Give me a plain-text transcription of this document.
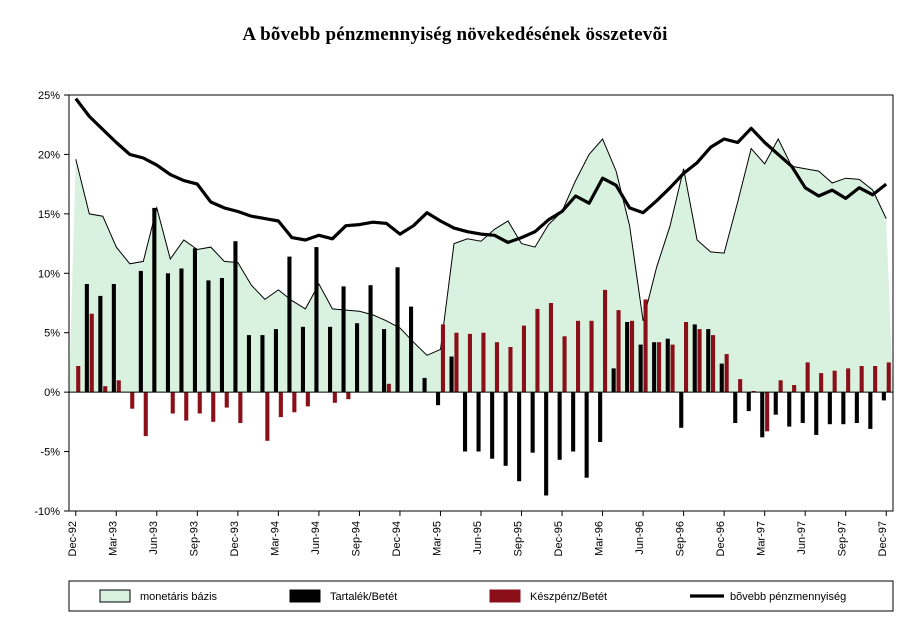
A bõvebb pénzmennyiség növekedésének összetevõi
-10%
-5%
0%
5%
10%
15%
20%
25%
Dec-92	Mar-93	Jun-93	Sep-93	Dec-93	Mar-94	Jun-94	Sep-94	Dec-94	Mar-95	Jun-95	Sep-95	Dec-95	Mar-96	Jun-96	Sep-96	Dec-96	Mar-97	Jun-97	Sep-97	Dec-97
monetáris bázis	Tartalék/Betét	Készpénz/Betét	bõvebb pénzmennyiség
